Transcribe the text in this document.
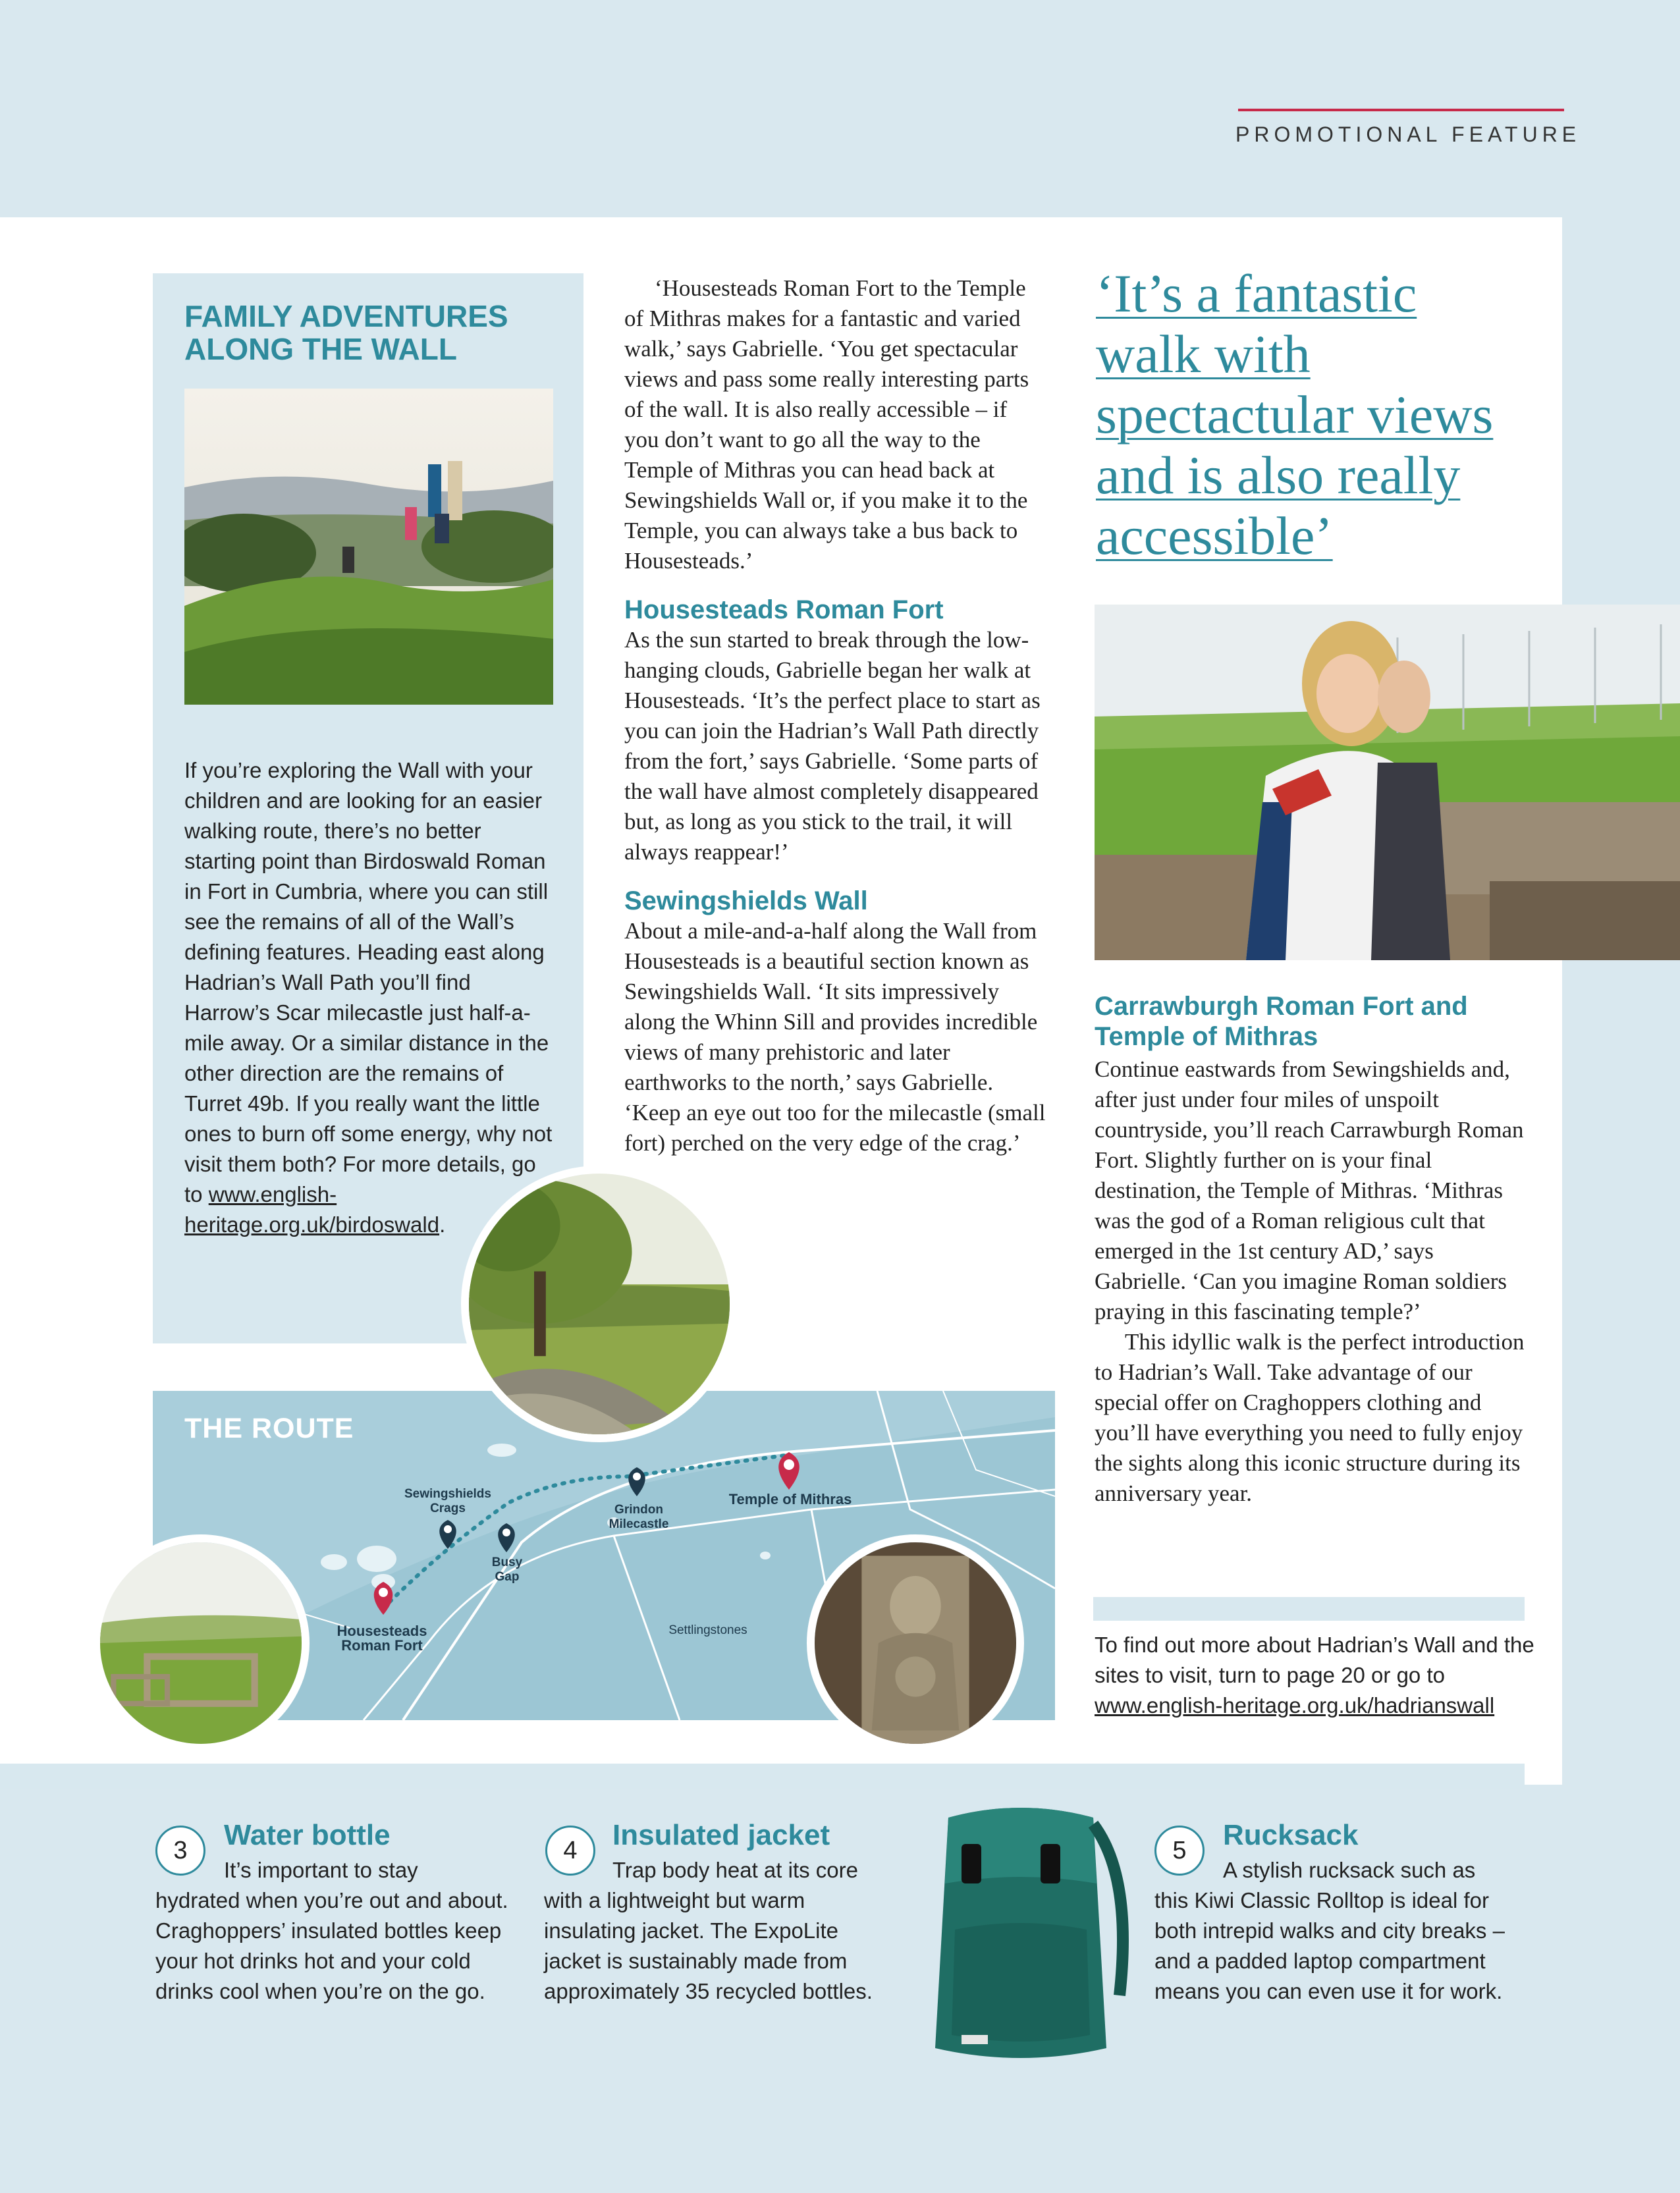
PROMOTIONAL FEATURE
FAMILY ADVENTURES ALONG THE WALL
If you’re exploring the Wall with your children and are looking for an easier walking route, there’s no better starting point than Birdoswald Roman in Fort in Cumbria, where you can still see the remains of all of the Wall’s defining features. Heading east along Hadrian’s Wall Path you’ll find Harrow’s Scar milecastle just half-a-mile away. Or a similar distance in the other direction are the remains of Turret 49b. If you really want the little ones to burn off some energy, why not visit them both? For more details, go to www.english-heritage.org.uk/birdoswald.

‘Housesteads Roman Fort to the Temple of Mithras makes for a fantastic and varied walk,’ says Gabrielle. ‘You get spectacular views and pass some really interesting parts of the wall. It is also really accessible – if you don’t want to go all the way to the Temple of Mithras you can head back at Sewingshields Wall or, if you make it to the Temple, you can always take a bus back to Housesteads.’

Housesteads Roman Fort

As the sun started to break through the low-hanging clouds, Gabrielle began her walk at Housesteads. ‘It’s the perfect place to start as you can join the Hadrian’s Wall Path directly from the fort,’ says Gabrielle. ‘Some parts of the wall have almost completely disappeared but, as long as you stick to the trail, it will always reappear!’

Sewingshields Wall

About a mile-and-a-half along the Wall from Housesteads is a beautiful section known as Sewingshields Wall. ‘It sits impressively along the Whinn Sill and provides incredible views of many prehistoric and later earthworks to the north,’ says Gabrielle. ‘Keep an eye out too for the milecastle (small fort) perched on the very edge of the crag.’

‘It’s a fantastic walk with spectactular views and is also really accessible’

Carrawburgh Roman Fort and Temple of Mithras

Continue eastwards from Sewingshields and, after just under four miles of unspoilt countryside, you’ll reach Carrawburgh Roman Fort. Slightly further on is your final destination, the Temple of Mithras. ‘Mithras was the god of a Roman religious cult that emerged in the 1st century AD,’ says Gabrielle. ‘Can you imagine Roman soldiers praying in this fascinating temple?’

This idyllic walk is the perfect introduction to Hadrian’s Wall. Take advantage of our special offer on Craghoppers clothing and you’ll have everything you need to fully enjoy the sights along this iconic structure during its anniversary year.

To find out more about Hadrian’s Wall and the sites to visit, turn to page 20 or go to www.english-heritage.org.uk/hadrianswall
THE ROUTE
Sewingshields Crags
Busy Gap
Grindon Milecastle
Temple of Mithras
Housesteads Roman Fort
Settlingstones
3	Water bottle
It’s important to stay
hydrated when you’re out and about. Craghoppers’ insulated bottles keep your hot drinks hot and your cold drinks cool when you’re on the go.
4	Insulated jacket
Trap body heat at its core
with a lightweight but warm insulating jacket. The ExpoLite jacket is sustainably made from approximately 35 recycled bottles.
5	Rucksack
A stylish rucksack such as
this Kiwi Classic Rolltop is ideal for both intrepid walks and city breaks – and a padded laptop compartment means you can even use it for work.
